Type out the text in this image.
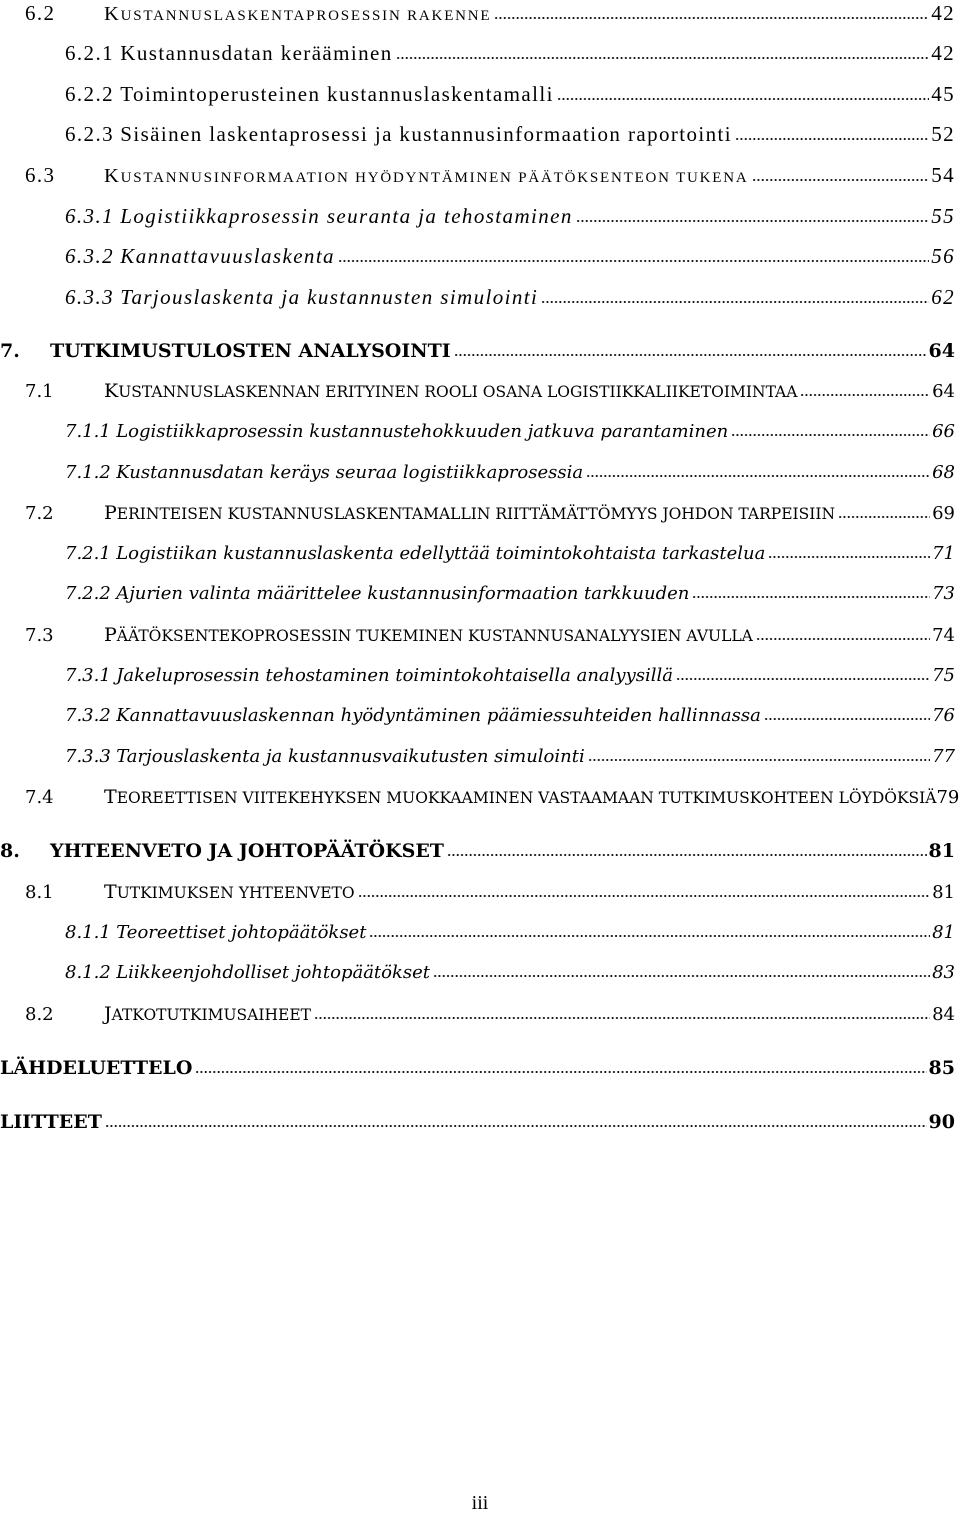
6.2	KUSTANNUSLASKENTAPROSESSIN RAKENNE	42
6.2.1 Kustannusdatan kerääminen	42
6.2.2 Toimintoperusteinen kustannuslaskentamalli	45
6.2.3 Sisäinen laskentaprosessi ja kustannusinformaation raportointi	52
6.3	KUSTANNUSINFORMAATION HYÖDYNTÄMINEN PÄÄTÖKSENTEON TUKENA	54
6.3.1 Logistiikkaprosessin seuranta ja tehostaminen	55
6.3.2 Kannattavuuslaskenta	56
6.3.3 Tarjouslaskenta ja kustannusten simulointi	62
7.	TUTKIMUSTULOSTEN ANALYSOINTI	64
7.1	KUSTANNUSLASKENNAN ERITYINEN ROOLI OSANA LOGISTIIKKALIIKETOIMINTAA	64
7.1.1 Logistiikkaprosessin kustannustehokkuuden jatkuva parantaminen	66
7.1.2 Kustannusdatan keräys seuraa logistiikkaprosessia	68
7.2	PERINTEISEN KUSTANNUSLASKENTAMALLIN RIITTÄMÄTTÖMYYS JOHDON TARPEISIIN	69
7.2.1 Logistiikan kustannuslaskenta edellyttää toimintokohtaista tarkastelua	71
7.2.2 Ajurien valinta määrittelee kustannusinformaation tarkkuuden	73
7.3	PÄÄTÖKSENTEKOPROSESSIN TUKEMINEN KUSTANNUSANALYYSIEN AVULLA	74
7.3.1 Jakeluprosessin tehostaminen toimintokohtaisella analyysillä	75
7.3.2 Kannattavuuslaskennan hyödyntäminen päämiessuhteiden hallinnassa	76
7.3.3 Tarjouslaskenta ja kustannusvaikutusten simulointi	77
7.4	TEOREETTISEN VIITEKEHYKSEN MUOKKAAMINEN VASTAAMAAN TUTKIMUSKOHTEEN LÖYDÖKSIÄ 79
8.	YHTEENVETO JA JOHTOPÄÄTÖKSET	81
8.1	TUTKIMUKSEN YHTEENVETO	81
8.1.1 Teoreettiset johtopäätökset	81
8.1.2 Liikkeenjohdolliset johtopäätökset	83
8.2	JATKOTUTKIMUSAIHEET	84
LÄHDELUETTELO	85
LIITTEET	90
iii
